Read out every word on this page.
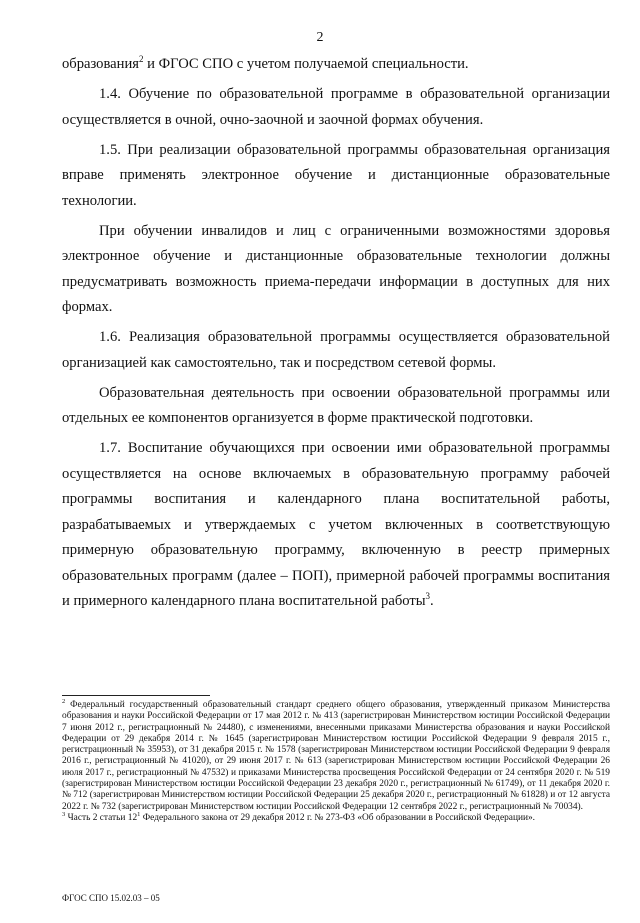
2

образования$^2$ и ФГОС СПО с учетом получаемой специальности.

1.4. Обучение по образовательной программе в образовательной организации осуществляется в очной, очно-заочной и заочной формах обучения.

1.5. При реализации образовательной программы образовательная организация вправе применять электронное обучение и дистанционные образовательные технологии.

При обучении инвалидов и лиц с ограниченными возможностями здоровья электронное обучение и дистанционные образовательные технологии должны предусматривать возможность приема-передачи информации в доступных для них формах.

1.6. Реализация образовательной программы осуществляется образовательной организацией как самостоятельно, так и посредством сетевой формы.

Образовательная деятельность при освоении образовательной программы или отдельных ее компонентов организуется в форме практической подготовки.

1.7. Воспитание обучающихся при освоении ими образовательной программы осуществляется на основе включаемых в образовательную программу рабочей программы воспитания и календарного плана воспитательной работы, разрабатываемых и утверждаемых с учетом включенных в соответствующую примерную образовательную программу, включенную в реестр примерных образовательных программ (далее – ПОП), примерной рабочей программы воспитания и примерного календарного плана воспитательной работы$^3$.

$^2$ Федеральный государственный образовательный стандарт среднего общего образования, утвержденный приказом Министерства образования и науки Российской Федерации от 17 мая 2012 г. № 413 (зарегистрирован Министерством юстиции Российской Федерации 7 июня 2012 г., регистрационный № 24480), с изменениями, внесенными приказами Министерства образования и науки Российской Федерации от 29 декабря 2014 г. № 1645 (зарегистрирован Министерством юстиции Российской Федерации 9 февраля 2015 г., регистрационный № 35953), от 31 декабря 2015 г. № 1578 (зарегистрирован Министерством юстиции Российской Федерации 9 февраля 2016 г., регистрационный № 41020), от 29 июня 2017 г. № 613 (зарегистрирован Министерством юстиции Российской Федерации 26 июля 2017 г., регистрационный № 47532) и приказами Министерства просвещения Российской Федерации от 24 сентября 2020 г. № 519 (зарегистрирован Министерством юстиции Российской Федерации 23 декабря 2020 г., регистрационный № 61749), от 11 декабря 2020 г. № 712 (зарегистрирован Министерством юстиции Российской Федерации 25 декабря 2020 г., регистрационный № 61828) и от 12 августа 2022 г. № 732 (зарегистрирован Министерством юстиции Российской Федерации 12 сентября 2022 г., регистрационный № 70034).

$^3$ Часть 2 статьи $12^1$ Федерального закона от 29 декабря 2012 г. № 273-ФЗ «Об образовании в Российской Федерации».

ФГОС СПО 15.02.03 – 05
